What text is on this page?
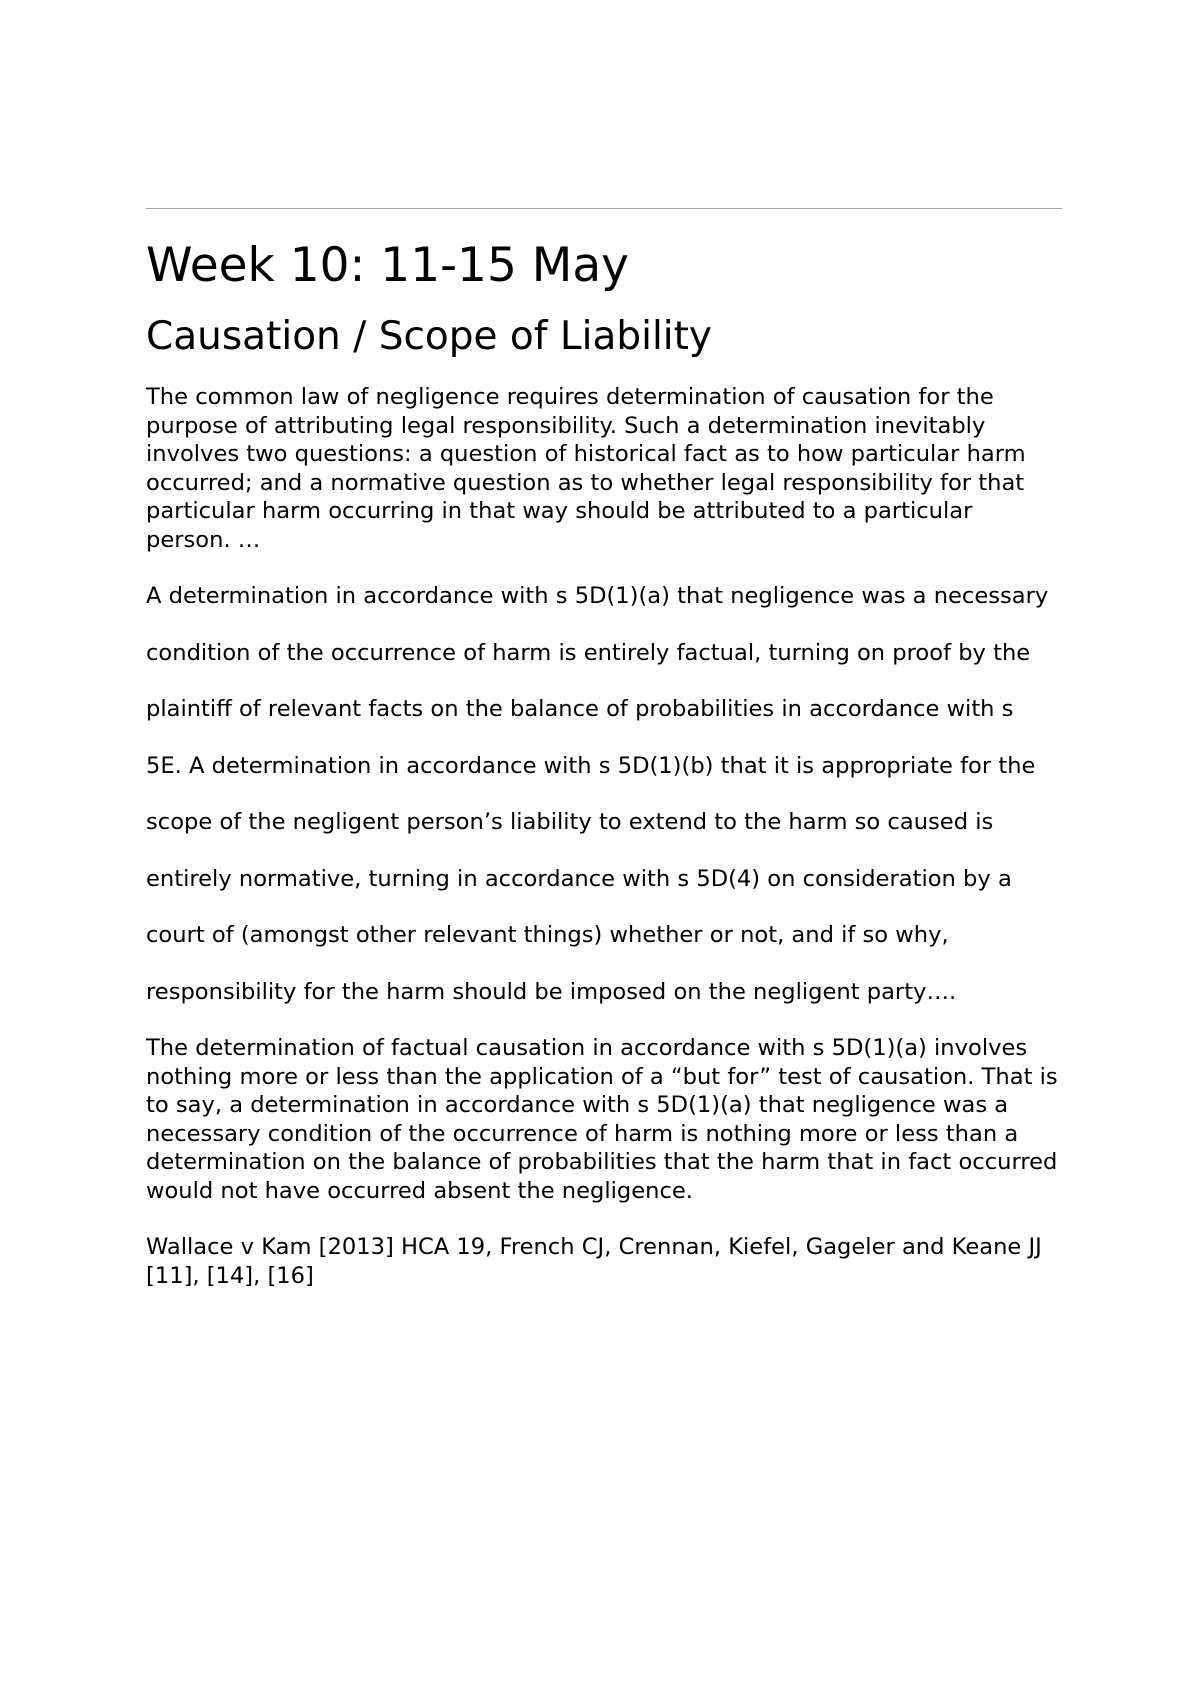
Week 10: 11-15 May
Causation / Scope of Liability

The common law of negligence requires determination of causation for the purpose of attributing legal responsibility. Such a determination inevitably involves two questions: a question of historical fact as to how particular harm occurred; and a normative question as to whether legal responsibility for that particular harm occurring in that way should be attributed to a particular person. …

A determination in accordance with s 5D(1)(a) that negligence was a necessary

condition of the occurrence of harm is entirely factual, turning on proof by the

plaintiff of relevant facts on the balance of probabilities in accordance with s

5E. A determination in accordance with s 5D(1)(b) that it is appropriate for the

scope of the negligent person’s liability to extend to the harm so caused is

entirely normative, turning in accordance with s 5D(4) on consideration by a

court of (amongst other relevant things) whether or not, and if so why,

responsibility for the harm should be imposed on the negligent party….

The determination of factual causation in accordance with s 5D(1)(a) involves nothing more or less than the application of a “but for” test of causation. That is to say, a determination in accordance with s 5D(1)(a) that negligence was a necessary condition of the occurrence of harm is nothing more or less than a determination on the balance of probabilities that the harm that in fact occurred would not have occurred absent the negligence.

Wallace v Kam [2013] HCA 19, French CJ, Crennan, Kiefel, Gageler and Keane JJ [11], [14], [16]
